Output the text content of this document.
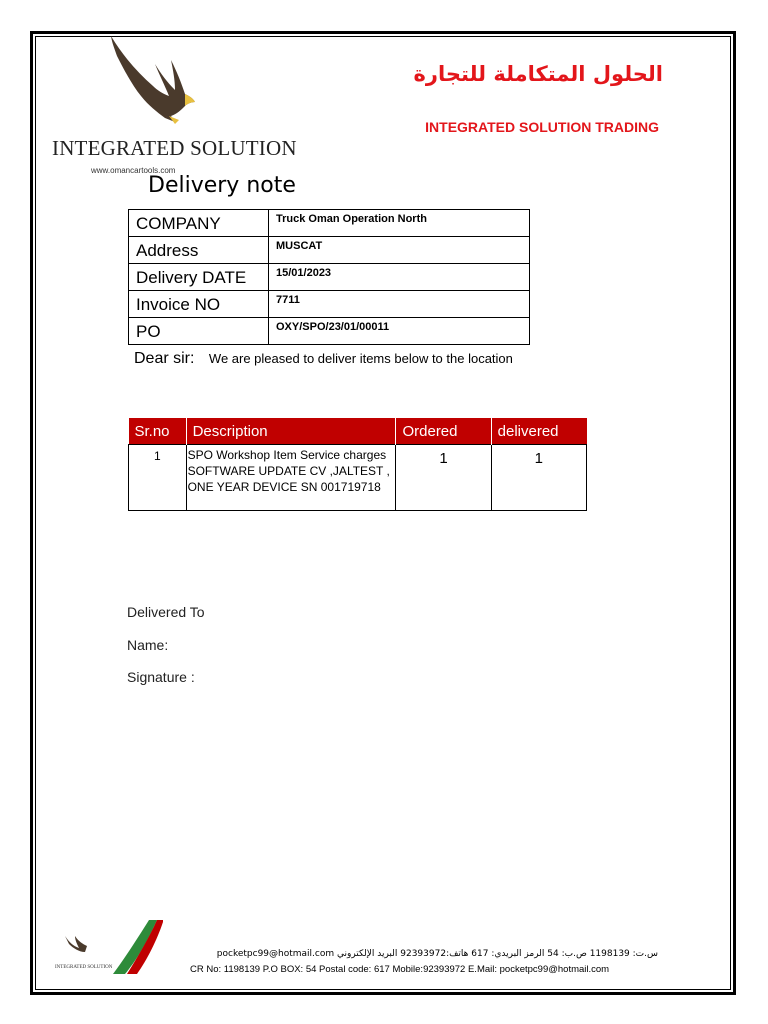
INTEGRATED SOLUTION
www.omancartools.com
الحلول المتكاملة للتجارة
INTEGRATED SOLUTION TRADING
Delivery note
COMPANY	Truck Oman Operation North
Address	MUSCAT
Delivery DATE	15/01/2023
Invoice NO	7711
PO	OXY/SPO/23/01/00011
Dear sir: We are pleased to deliver items below to the location
Sr.no	Description	Ordered	delivered
1	SPO Workshop Item Service charges
SOFTWARE UPDATE CV ,JALTEST ,
ONE YEAR DEVICE SN 001719718	1	1
Delivered To
Name:
Signature :
INTEGRATED SOLUTION
س.ت: 1198139 ص.ب: 54 الرمز البريدي: 617 هاتف:92393972 البريد الإلكتروني pocketpc99@hotmail.com
CR No: 1198139 P.O BOX: 54 Postal code: 617 Mobile:92393972 E.Mail: pocketpc99@hotmail.com
